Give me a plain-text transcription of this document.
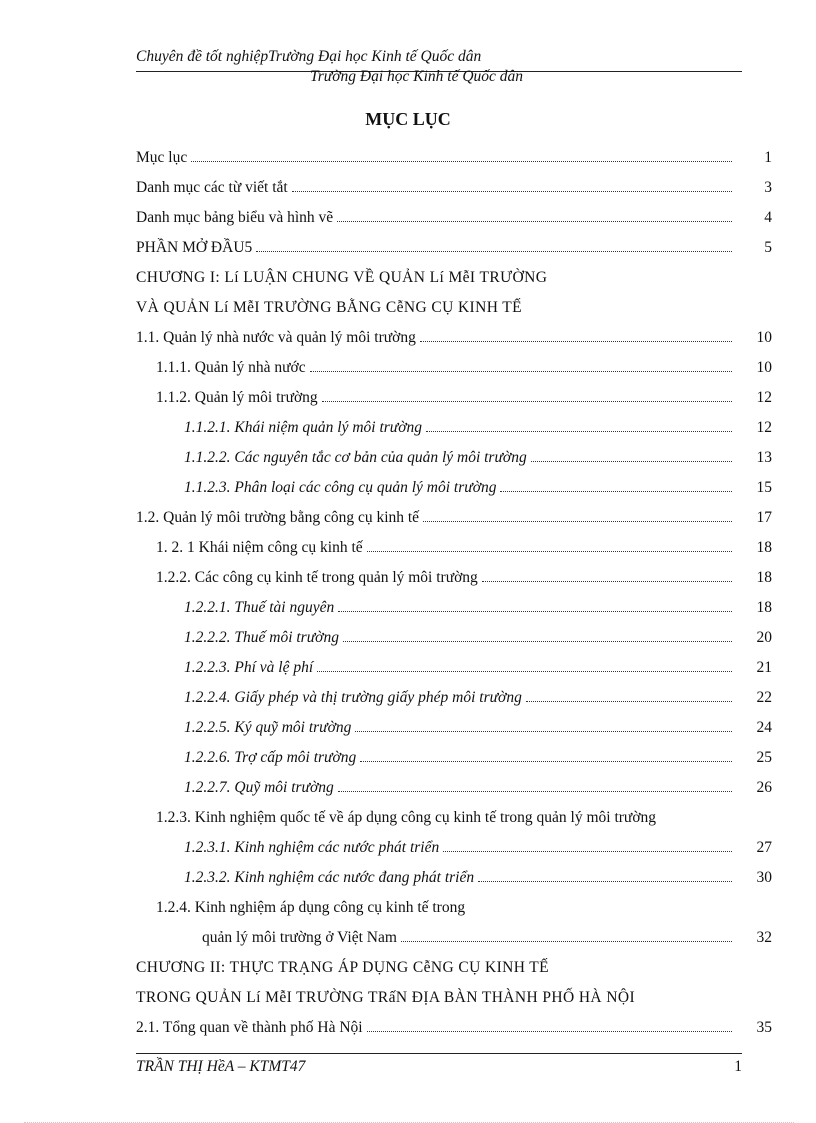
Chuyên đề tốt nghiệpTrường Đại học Kinh tế Quốc dân
Trường Đại học Kinh tế Quốc dân
MỤC LỤC
Mục lục	1
Danh mục các từ viết tắt	3
Danh mục bảng biểu và hình vẽ	4
PHẦN MỞ ĐẦU5	5
CHƯƠNG I: Lí LUẬN CHUNG VỀ QUẢN Lí MễI TRƯỜNG
VÀ QUẢN Lí MễI TRƯỜNG BẰNG CễNG CỤ KINH TẾ
1.1. Quản lý nhà nước và quản lý môi trường	10
1.1.1. Quản lý nhà nước	10
1.1.2. Quản lý môi trường	12
1.1.2.1. Khái niệm quản lý môi trường	12
1.1.2.2. Các nguyên tắc cơ bản của quản lý môi trường	13
1.1.2.3. Phân loại các công cụ quản lý môi trường	15
1.2. Quản lý môi trường bằng công cụ kinh tế	17
1. 2. 1 Khái niệm công cụ kinh tế	18
1.2.2. Các công cụ kinh tế trong quản lý môi trường	18
1.2.2.1. Thuế tài nguyên	18
1.2.2.2. Thuế môi trường	20
1.2.2.3. Phí và lệ phí	21
1.2.2.4. Giấy phép và thị trường giấy phép môi trường	22
1.2.2.5. Ký quỹ môi trường	24
1.2.2.6. Trợ cấp môi trường	25
1.2.2.7. Quỹ môi trường	26
1.2.3. Kinh nghiệm quốc tế về áp dụng công cụ kinh tế trong quản lý môi trường
1.2.3.1. Kinh nghiệm các nước phát triển	27
1.2.3.2. Kinh nghiệm các nước đang phát triển	30
1.2.4. Kinh nghiệm áp dụng công cụ kinh tế trong
quản lý môi trường ở Việt Nam	32
CHƯƠNG II: THỰC TRẠNG ÁP DỤNG CễNG CỤ KINH TẾ
TRONG QUẢN Lí MễI TRƯỜNG TRấN ĐỊA BÀN THÀNH PHỐ HÀ NỘI
2.1. Tổng quan về thành phố Hà Nội	35
TRẦN THỊ HềA – KTMT47	1
